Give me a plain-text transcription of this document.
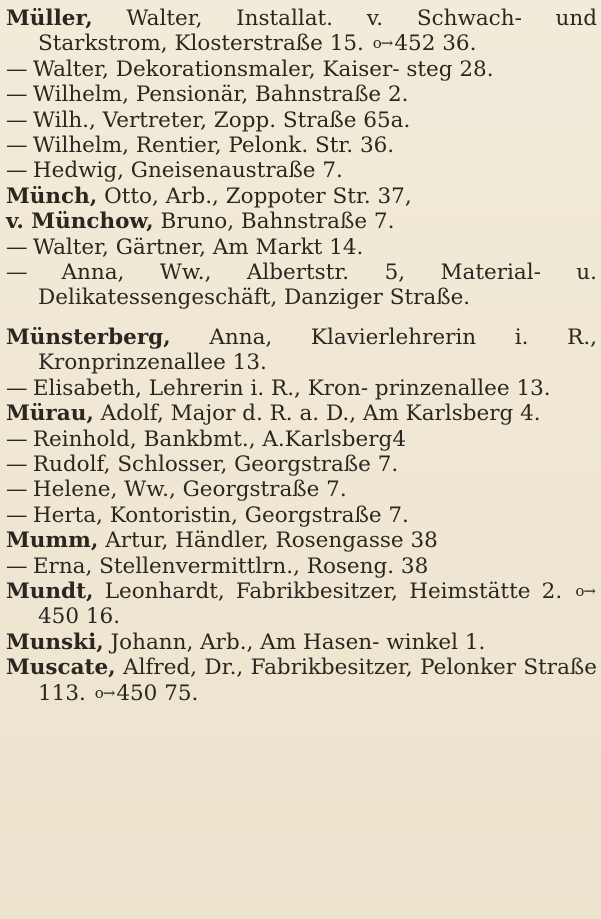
Müller, Walter, Installat. v. Schwach- und Starkstrom, Klosterstraße 15. o→452 36.

— Walter, Dekorationsmaler, Kaiser- steg 28.

— Wilhelm, Pensionär, Bahnstraße 2.

— Wilh., Vertreter, Zopp. Straße 65a.

— Wilhelm, Rentier, Pelonk. Str. 36.

— Hedwig, Gneisenaustraße 7.

Münch, Otto, Arb., Zoppoter Str. 37,

v. Münchow, Bruno, Bahnstraße 7.

— Walter, Gärtner, Am Markt 14.

— Anna, Ww., Albertstr. 5, Material- u. Delikatessengeschäft, Danziger Straße.

Münsterberg, Anna, Klavierlehrerin i. R., Kronprinzenallee 13.

— Elisabeth, Lehrerin i. R., Kron- prinzenallee 13.

Mürau, Adolf, Major d. R. a. D., Am Karlsberg 4.

— Reinhold, Bankbmt., A.Karlsberg4

— Rudolf, Schlosser, Georgstraße 7.

— Helene, Ww., Georgstraße 7.

— Herta, Kontoristin, Georgstraße 7.

Mumm, Artur, Händler, Rosengasse 38

— Erna, Stellenvermittlrn., Roseng. 38

Mundt, Leonhardt, Fabrikbesitzer, Heimstätte 2. o→450 16.

Munski, Johann, Arb., Am Hasen- winkel 1.

Muscate, Alfred, Dr., Fabrikbesitzer, Pelonker Straße 113. o→450 75.
